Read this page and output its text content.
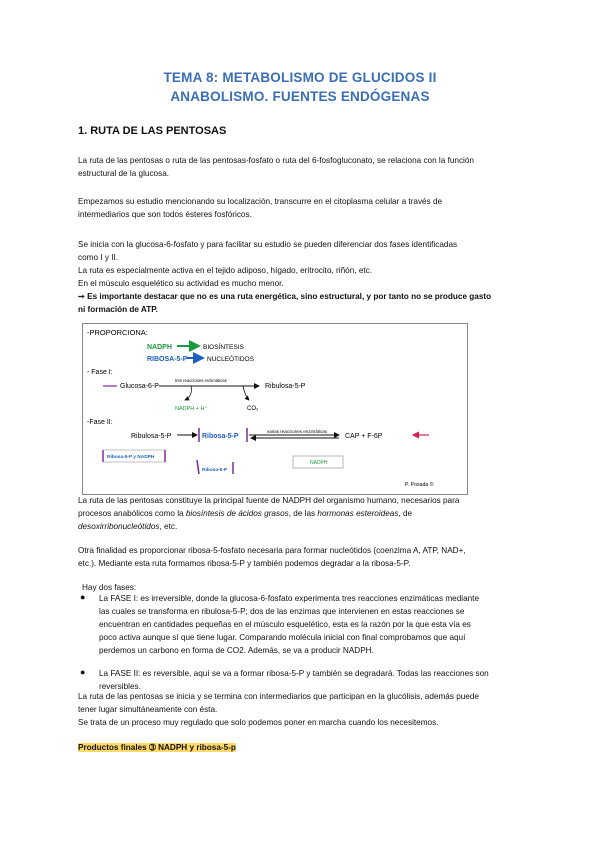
TEMA 8: METABOLISMO DE GLUCIDOS II
ANABOLISMO. FUENTES ENDÓGENAS
1. RUTA DE LAS PENTOSAS
La ruta de las pentosas o ruta de las pentosas-fosfato o ruta del 6-fosfogluconato, se relaciona con la función
estructural de la glucosa.
Empezamos su estudio mencionando su localización, transcurre en el citoplasma celular a través de
intermediarios que son todos ésteres fosfóricos.
Se inicia con la glucosa-6-fosfato y para facilitar su estudio se pueden diferenciar dos fases identificadas
como I y II.
La ruta es especialmente activa en el tejido adiposo, hígado, eritrocito, riñón, etc.
En el músculo esquelético su actividad es mucho menor.
➞ Es importante destacar que no es una ruta energética, sino estructural, y por tanto no se produce gasto
ni formación de ATP.
-PROPORCIONA:
NADPH	BIOSÍNTESIS
RIBOSA-5-P	NUCLEÓTIDOS
- Fase I:
Glucosa-6-P
tres reacciones enzimáticas
Ribulosa-5-P
NADPH + H⁺	CO₂
-Fase II:
Ribulosa-5-P	Ribosa-5-P
varias reacciones enzimáticas
CAP + F-6P
Ribosa-5-P y NADPH
Ribosa-5-P
NADPH
P. Posada ©
La ruta de las pentosas constituye la principal fuente de NADPH del organismo humano, necesarios para
procesos anabólicos como la biosíntesis de ácidos grasos, de las hormonas esteroideas, de
desoxirribonucleótidos, etc.
Otra finalidad es proporcionar ribosa-5-fosfato necesaria para formar nucleótidos (coenzima A, ATP, NAD+,
etc.). Mediante esta ruta formamos ribosa-5-P y también podemos degradar a la ribosa-5-P.
Hay dos fases:
● La FASE I: es irreversible, donde la glucosa-6-fosfato experimenta tres reacciones enzimáticas mediante
las cuales se transforma en ribulosa-5-P; dos de las enzimas que intervienen en estas reacciones se
encuentran en cantidades pequeñas en el músculo esquelético, esta es la razón por la que esta vía es
poco activa aunque sí que tiene lugar. Comparando molécula inicial con final comprobamos que aquí
perdemos un carbono en forma de CO2. Además, se va a producir NADPH.
● La FASE II: es reversible, aquí se va a formar ribosa-5-P y también se degradará. Todas las reacciones son
reversibles.
La ruta de las pentosas se inicia y se termina con intermediarios que participan en la glucólisis, además puede
tener lugar simultáneamente con ésta.
Se trata de un proceso muy regulado que solo podemos poner en marcha cuando los necesitemos.
Productos finales ➂ NADPH y ribosa-5-p
